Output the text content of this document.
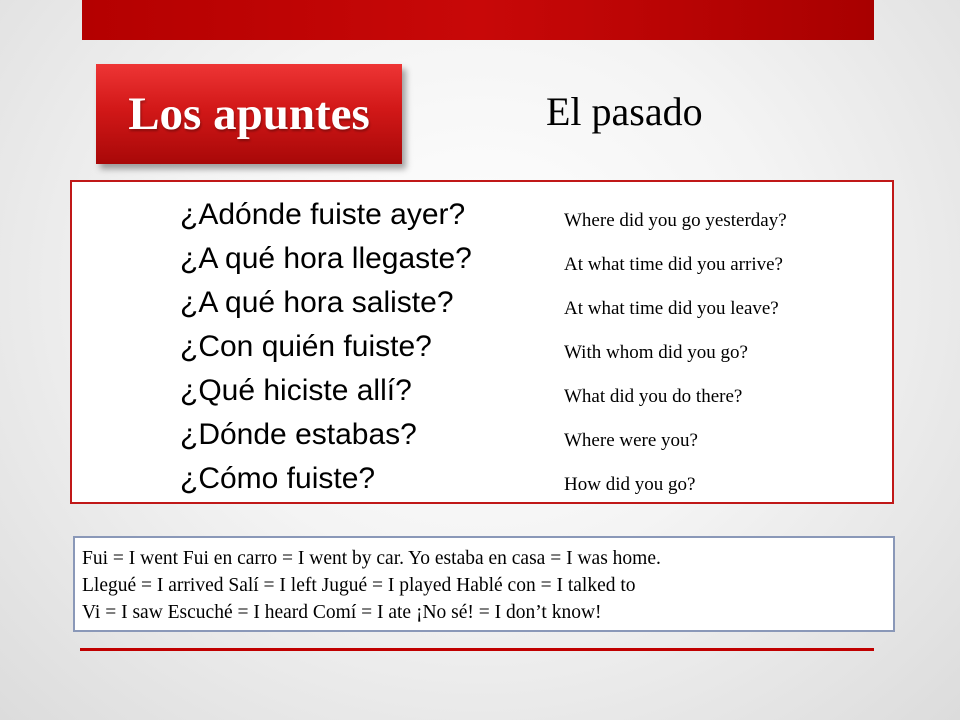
Los apuntes	El pasado
¿Adónde fuiste ayer?	Where did you go yesterday?
¿A qué hora llegaste?	At what time did you arrive?
¿A qué hora saliste?	At what time did you leave?
¿Con quién fuiste?	With whom did you go?
¿Qué hiciste allí?	What did you do there?
¿Dónde estabas?	Where were you?
¿Cómo fuiste?	How did you go?
Fui = I went Fui en carro = I went by car. Yo estaba en casa = I was home.
Llegué = I arrived Salí = I left Jugué = I played Hablé con = I talked to
Vi = I saw Escuché = I heard Comí = I ate ¡No sé! = I don’t know!
